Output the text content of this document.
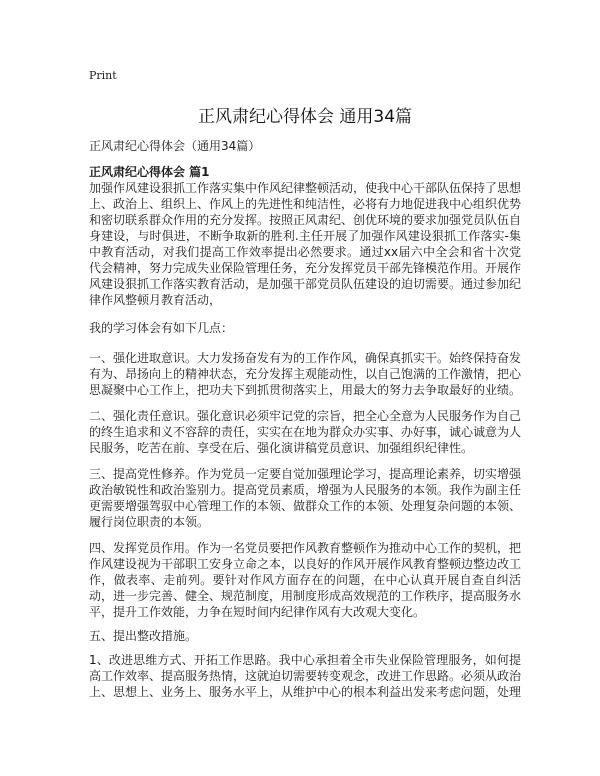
Print
正风肃纪心得体会 通用34篇
正风肃纪心得体会（通用34篇）
正风肃纪心得体会 篇1

加强作风建设狠抓工作落实集中作风纪律整顿活动，使我中心干部队伍保持了思想上、政治上、组织上、作风上的先进性和纯洁性，必将有力地促进我中心组织优势和密切联系群众作用的充分发挥。按照正风肃纪、创优环境的要求加强党员队伍自身建设，与时俱进，不断争取新的胜利.主任开展了加强作风建设狠抓工作落实-集中教育活动，对我们提高工作效率提出必然要求。通过xx届六中全会和省十次党代会精神，努力完成失业保险管理任务，充分发挥党员干部先锋模范作用。开展作风建设狠抓工作落实教育活动，是加强干部党员队伍建设的迫切需要。通过参加纪律作风整顿月教育活动，

我的学习体会有如下几点：

一、强化进取意识。大力发扬奋发有为的工作作风，确保真抓实干。始终保持奋发有为、昂扬向上的精神状态，充分发挥主观能动性，以自己饱满的工作激情，把心思凝聚中心工作上，把功夫下到抓贯彻落实上，用最大的努力去争取最好的业绩。

二、强化责任意识。强化意识必须牢记党的宗旨，把全心全意为人民服务作为自己的终生追求和义不容辞的责任，实实在在地为群众办实事、办好事，诚心诚意为人民服务，吃苦在前、享受在后、强化演讲稿党员意识、加强组织纪律性。

三、提高党性修养。作为党员一定要自觉加强理论学习，提高理论素养，切实增强政治敏锐性和政治鉴别力。提高党员素质，增强为人民服务的本领。我作为副主任更需要增强驾驭中心管理工作的本领、做群众工作的本领、处理复杂问题的本领、履行岗位职责的本领。

四、发挥党员作用。作为一名党员要把作风教育整顿作为推动中心工作的契机，把作风建设视为干部职工安身立命之本，以良好的作风开展作风教育整顿边整边改工作，做表率、走前列。要针对作风方面存在的问题，在中心认真开展自查自纠活动，进一步完善、健全、规范制度，用制度形成高效规范的工作秩序，提高服务水平，提升工作效能，力争在短时间内纪律作风有大改观大变化。

五、提出整改措施。

1、改进思维方式、开拓工作思路。我中心承担着全市失业保险管理服务，如何提高工作效率、提高服务热情，这就迫切需要转变观念，改进工作思路。必须从政治上、思想上、业务上、服务水平上，从维护中心的根本利益出发来考虑问题，处理
